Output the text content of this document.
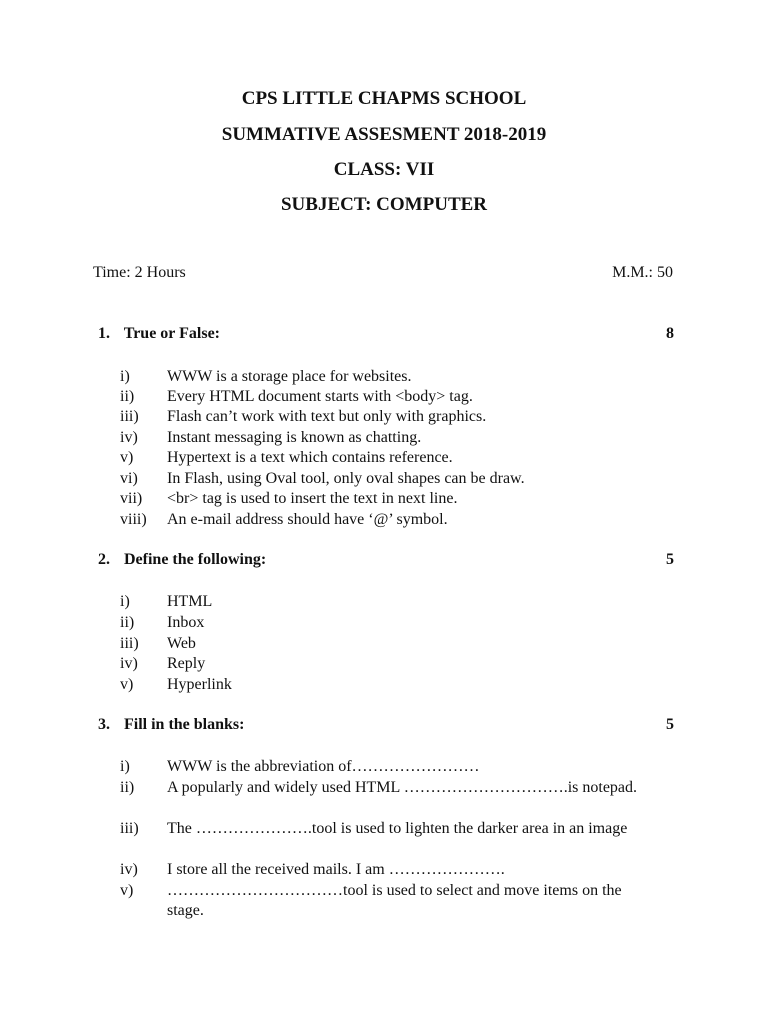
CPS LITTLE CHAPMS SCHOOL
SUMMATIVE ASSESMENT 2018-2019
CLASS: VII
SUBJECT: COMPUTER
Time: 2 Hours	M.M.: 50
1. True or False:	8
i)	WWW is a storage place for websites.
ii)	Every HTML document starts with <body> tag.
iii)	Flash can’t work with text but only with graphics.
iv)	Instant messaging is known as chatting.
v)	Hypertext is a text which contains reference.
vi)	In Flash, using Oval tool, only oval shapes can be draw.
vii)	<br> tag is used to insert the text in next line.
viii)	An e-mail address should have ‘@’ symbol.
2. Define the following:	5
i)	HTML
ii)	Inbox
iii)	Web
iv)	Reply
v)	Hyperlink
3. Fill in the blanks:	5
i)	WWW is the abbreviation of……………………
ii)	A popularly and widely used HTML ………………………….is notepad.
iii)	The ………………….tool is used to lighten the darker area in an image
iv)	I store all the received mails. I am ………………….
v)	……………………………tool is used to select and move items on the stage.
